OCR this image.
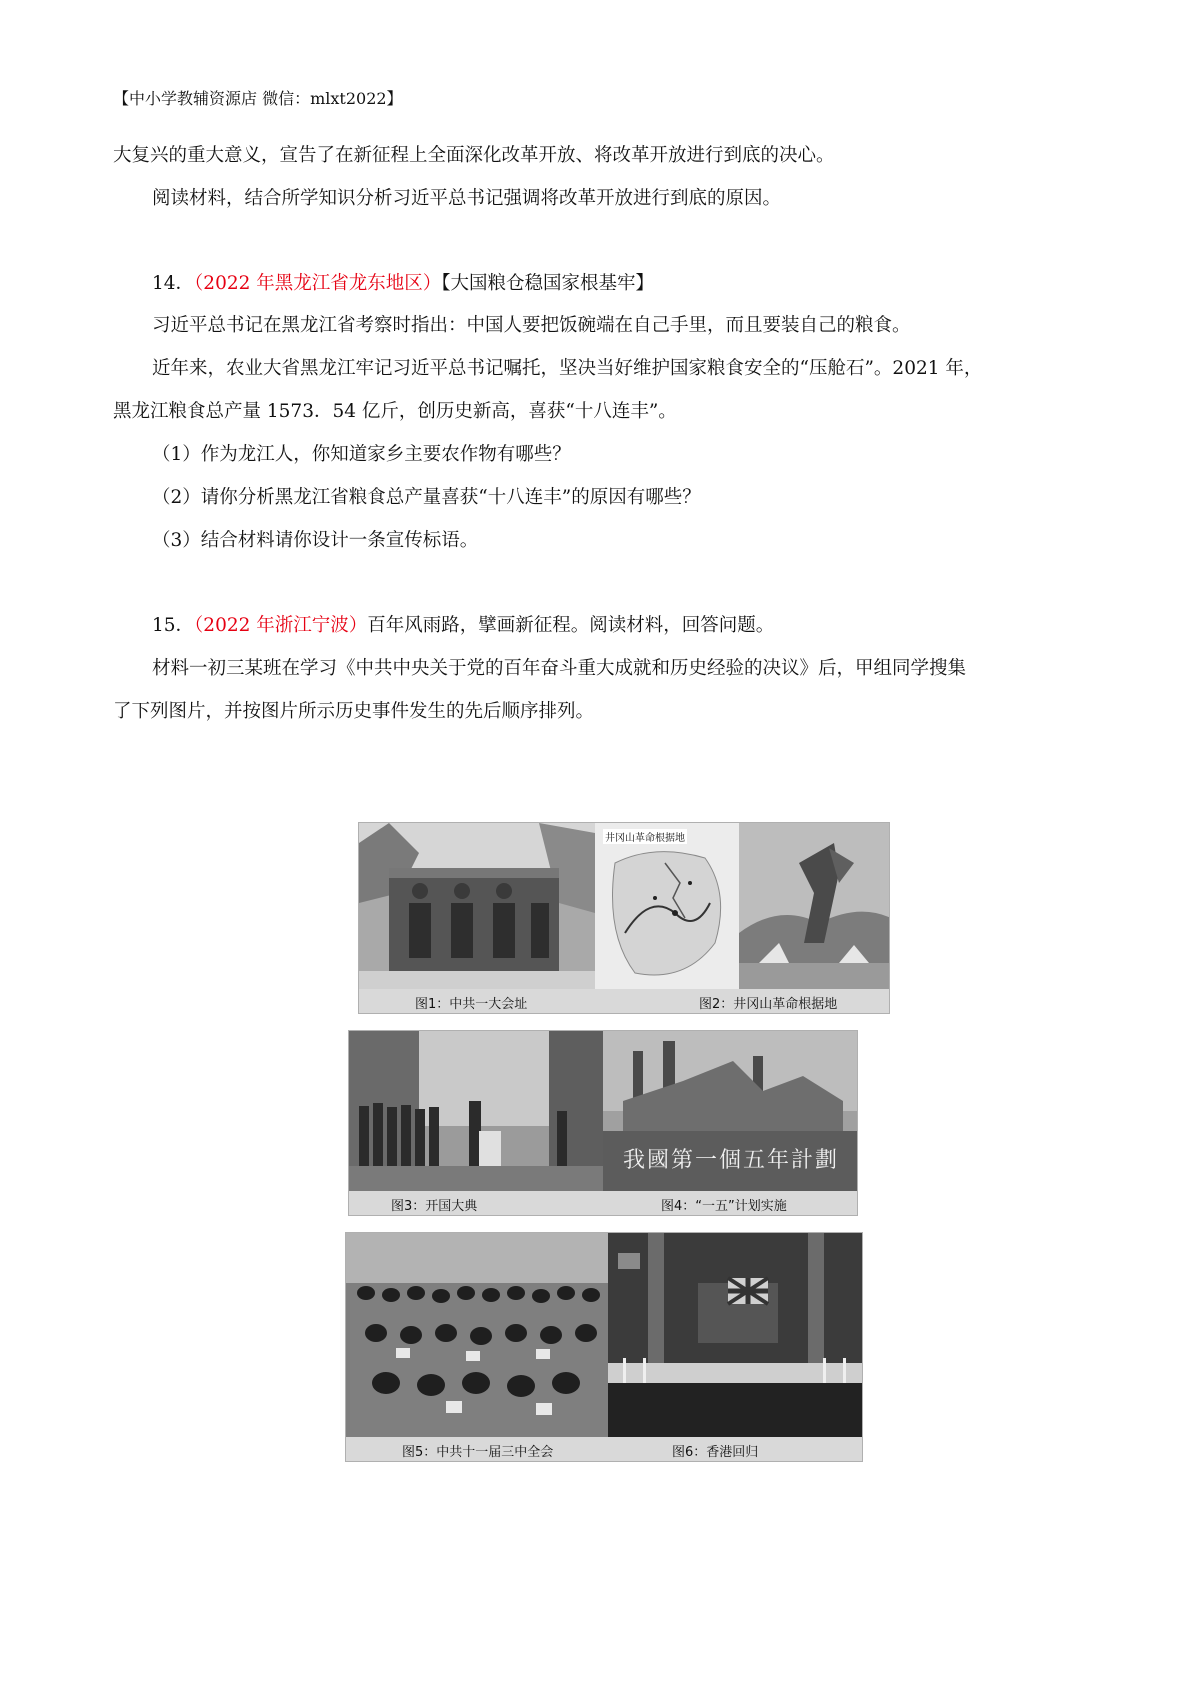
【中小学教辅资源店 微信：mlxt2022】
大复兴的重大意义，宣告了在新征程上全面深化改革开放、将改革开放进行到底的决心。
阅读材料，结合所学知识分析习近平总书记强调将改革开放进行到底的原因。
14．（2022 年黑龙江省龙东地区）【大国粮仓稳国家根基牢】
习近平总书记在黑龙江省考察时指出：中国人要把饭碗端在自己手里，而且要装自己的粮食。
近年来，农业大省黑龙江牢记习近平总书记嘱托，坚决当好维护国家粮食安全的“压舱石”。2021 年，
黑龙江粮食总产量 1573．54 亿斤，创历史新高，喜获“十八连丰”。
（1）作为龙江人，你知道家乡主要农作物有哪些？
（2）请你分析黑龙江省粮食总产量喜获“十八连丰”的原因有哪些？
（3）结合材料请你设计一条宣传标语。
15．（2022 年浙江宁波）百年风雨路，擘画新征程。阅读材料，回答问题。
材料一初三某班在学习《中共中央关于党的百年奋斗重大成就和历史经验的决议》后，甲组同学搜集
了下列图片，并按图片所示历史事件发生的先后顺序排列。
井冈山革命根据地
图1：中共一大会址	图2：井冈山革命根据地
我國第一個五年計劃
图3：开国大典	图4：“一五”计划实施
图5：中共十一届三中全会	图6：香港回归
